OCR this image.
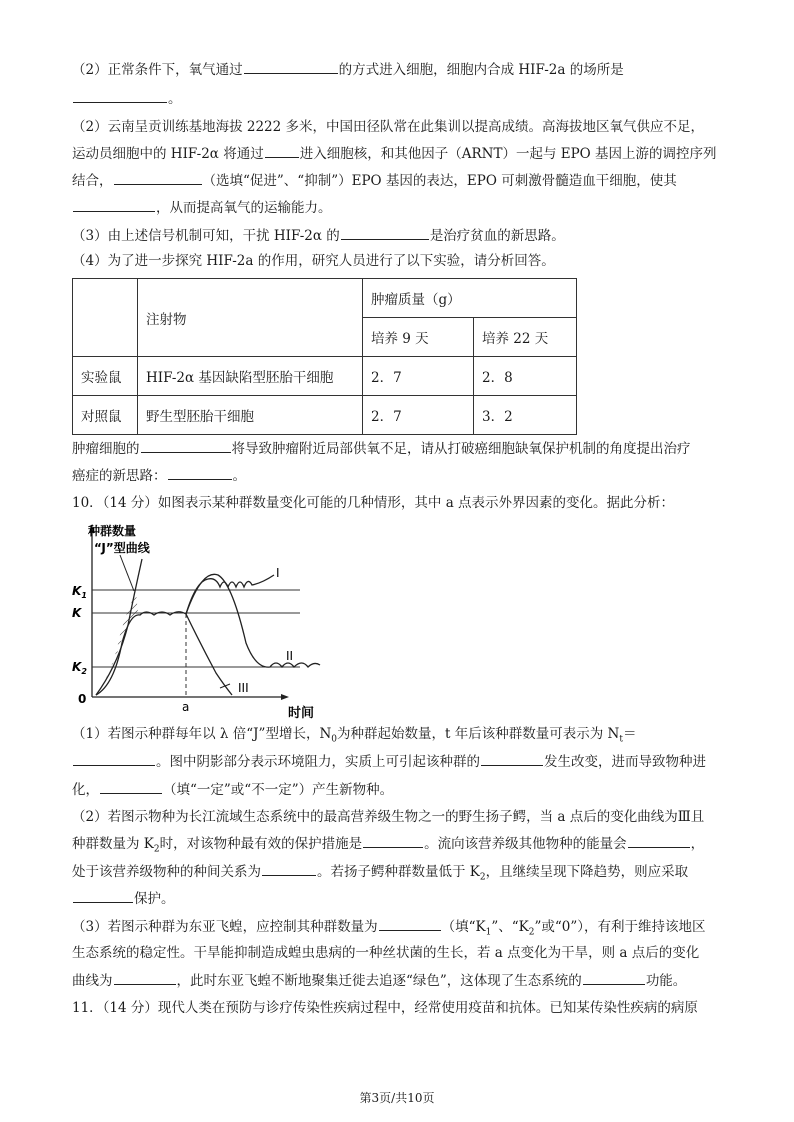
（2）正常条件下，氧气通过	的方式进入细胞，细胞内合成 HIF-2a 的场所是
。
（2）云南呈贡训练基地海拔 2222 多米，中国田径队常在此集训以提高成绩。高海拔地区氧气供应不足，
运动员细胞中的 HIF-2α 将通过	进入细胞核，和其他因子（ARNT）一起与 EPO 基因上游的调控序列
结合，	（选填“促进”、“抑制”）EPO 基因的表达，EPO 可刺激骨髓造血干细胞，使其
，从而提高氧气的运输能力。
（3）由上述信号机制可知，干扰 HIF-2α 的	是治疗贫血的新思路。
（4）为了进一步探究 HIF-2a 的作用，研究人员进行了以下实验，请分析回答。
	注射物	肿瘤质量（g）	
		培养 9 天	培养 22 天
实验鼠	HIF-2α 基因缺陷型胚胎干细胞	2．7	2．8
对照鼠	野生型胚胎干细胞	2．7	3．2
肿瘤细胞的	将导致肿瘤附近局部供氧不足，请从打破癌细胞缺氧保护机制的角度提出治疗
癌症的新思路：	。
10．（14 分）如图表示某种群数量变化可能的几种情形，其中 a 点表示外界因素的变化。据此分析：
种群数量
“J”型曲线
$K_1$
K
$K_2$
0
a	时间
I
II
III
（1）若图示种群每年以 λ 倍“J”型增长，$N_0$为种群起始数量，t 年后该种群数量可表示为 $N_t=$
。图中阴影部分表示环境阻力，实质上可引起该种群的	发生改变，进而导致物种进
化，	（填“一定”或“不一定”）产生新物种。
（2）若图示物种为长江流域生态系统中的最高营养级生物之一的野生扬子鳄，当 a 点后的变化曲线为Ⅲ且
种群数量为 $K_2$时，对该物种最有效的保护措施是	。流向该营养级其他物种的能量会	，
处于该营养级物种的种间关系为	。若扬子鳄种群数量低于 $K_2$，且继续呈现下降趋势，则应采取
保护。
（3）若图示种群为东亚飞蝗，应控制其种群数量为	（填“$K_1$”、“$K_2$”或“0”），有利于维持该地区
生态系统的稳定性。干旱能抑制造成蝗虫患病的一种丝状菌的生长，若 a 点变化为干旱，则 a 点后的变化
曲线为	，此时东亚飞蝗不断地聚集迁徙去追逐“绿色”，这体现了生态系统的	功能。
11．（14 分）现代人类在预防与诊疗传染性疾病过程中，经常使用疫苗和抗体。已知某传染性疾病的病原
第3页/共10页
